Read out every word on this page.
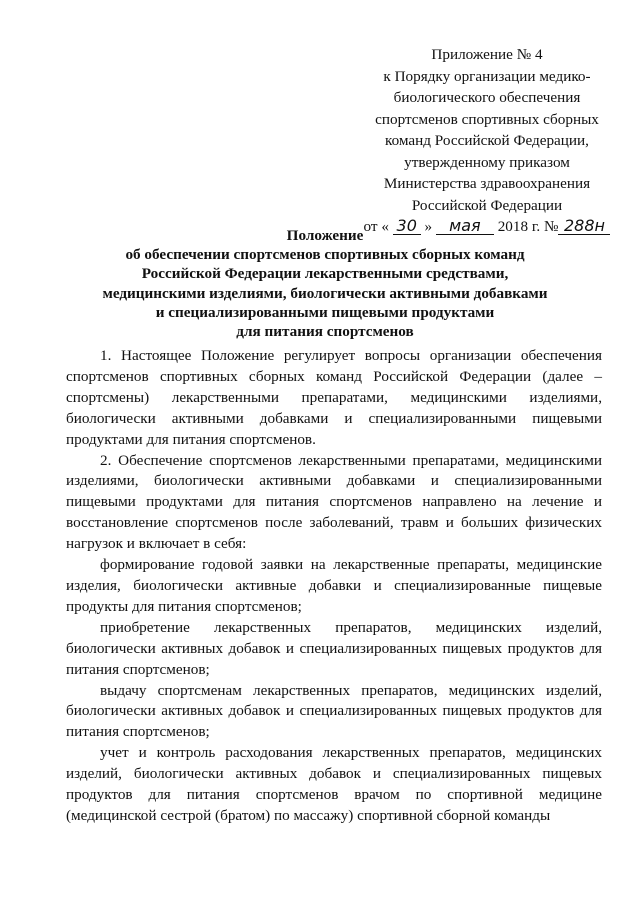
Приложение № 4
к Порядку организации медико-
биологического обеспечения
спортсменов спортивных сборных
команд Российской Федерации,
утвержденному приказом
Министерства здравоохранения
Российской Федерации
от « 30 » мая 2018 г. № 288н
Положение
об обеспечении спортсменов спортивных сборных команд
Российской Федерации лекарственными средствами,
медицинскими изделиями, биологически активными добавками
и специализированными пищевыми продуктами
для питания спортсменов

1. Настоящее Положение регулирует вопросы организации обеспечения спортсменов спортивных сборных команд Российской Федерации (далее – спортсмены) лекарственными препаратами, медицинскими изделиями, биологически активными добавками и специализированными пищевыми продуктами для питания спортсменов.

2. Обеспечение спортсменов лекарственными препаратами, медицинскими изделиями, биологически активными добавками и специализированными пищевыми продуктами для питания спортсменов направлено на лечение и восстановление спортсменов после заболеваний, травм и больших физических нагрузок и включает в себя:

формирование годовой заявки на лекарственные препараты, медицинские изделия, биологически активные добавки и специализированные пищевые продукты для питания спортсменов;

приобретение лекарственных препаратов, медицинских изделий, биологически активных добавок и специализированных пищевых продуктов для питания спортсменов;

выдачу спортсменам лекарственных препаратов, медицинских изделий, биологически активных добавок и специализированных пищевых продуктов для питания спортсменов;

учет и контроль расходования лекарственных препаратов, медицинских изделий, биологически активных добавок и специализированных пищевых продуктов для питания спортсменов врачом по спортивной медицине (медицинской сестрой (братом) по массажу) спортивной сборной команды
